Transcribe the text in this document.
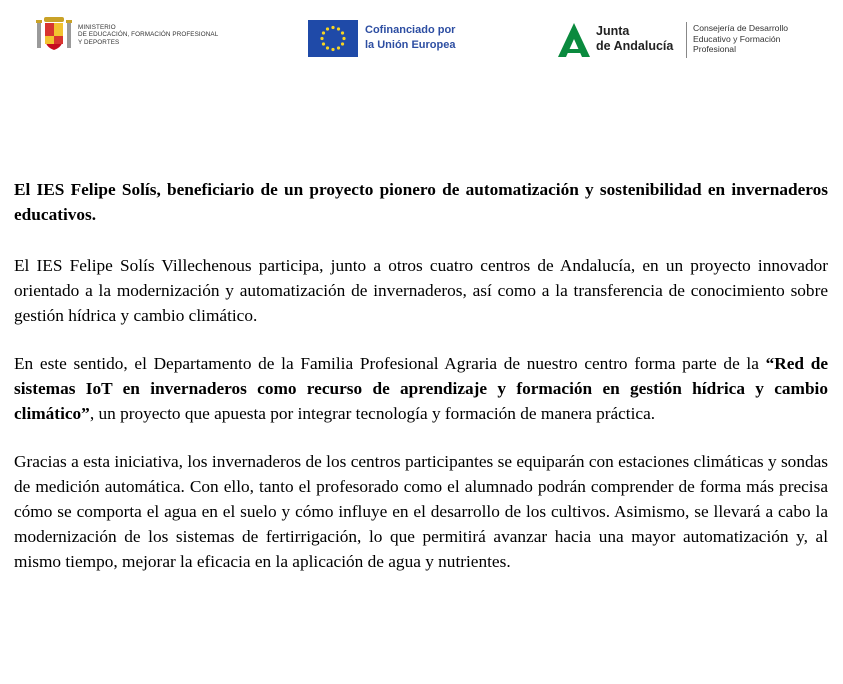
MINISTERIO
DE EDUCACIÓN, FORMACIÓN PROFESIONAL
Y DEPORTES
Cofinanciado por
la Unión Europea
Junta
de Andalucía
Consejería de Desarrollo
Educativo y Formación
Profesional

El IES Felipe Solís, beneficiario de un proyecto pionero de automatización y sostenibilidad en invernaderos educativos.

El IES Felipe Solís Villechenous participa, junto a otros cuatro centros de Andalucía, en un proyecto innovador orientado a la modernización y automatización de invernaderos, así como a la transferencia de conocimiento sobre gestión hídrica y cambio climático.

En este sentido, el Departamento de la Familia Profesional Agraria de nuestro centro forma parte de la “Red de sistemas IoT en invernaderos como recurso de aprendizaje y formación en gestión hídrica y cambio climático”, un proyecto que apuesta por integrar tecnología y formación de manera práctica.

Gracias a esta iniciativa, los invernaderos de los centros participantes se equiparán con estaciones climáticas y sondas de medición automática. Con ello, tanto el profesorado como el alumnado podrán comprender de forma más precisa cómo se comporta el agua en el suelo y cómo influye en el desarrollo de los cultivos. Asimismo, se llevará a cabo la modernización de los sistemas de fertirrigación, lo que permitirá avanzar hacia una mayor automatización y, al mismo tiempo, mejorar la eficacia en la aplicación de agua y nutrientes.
